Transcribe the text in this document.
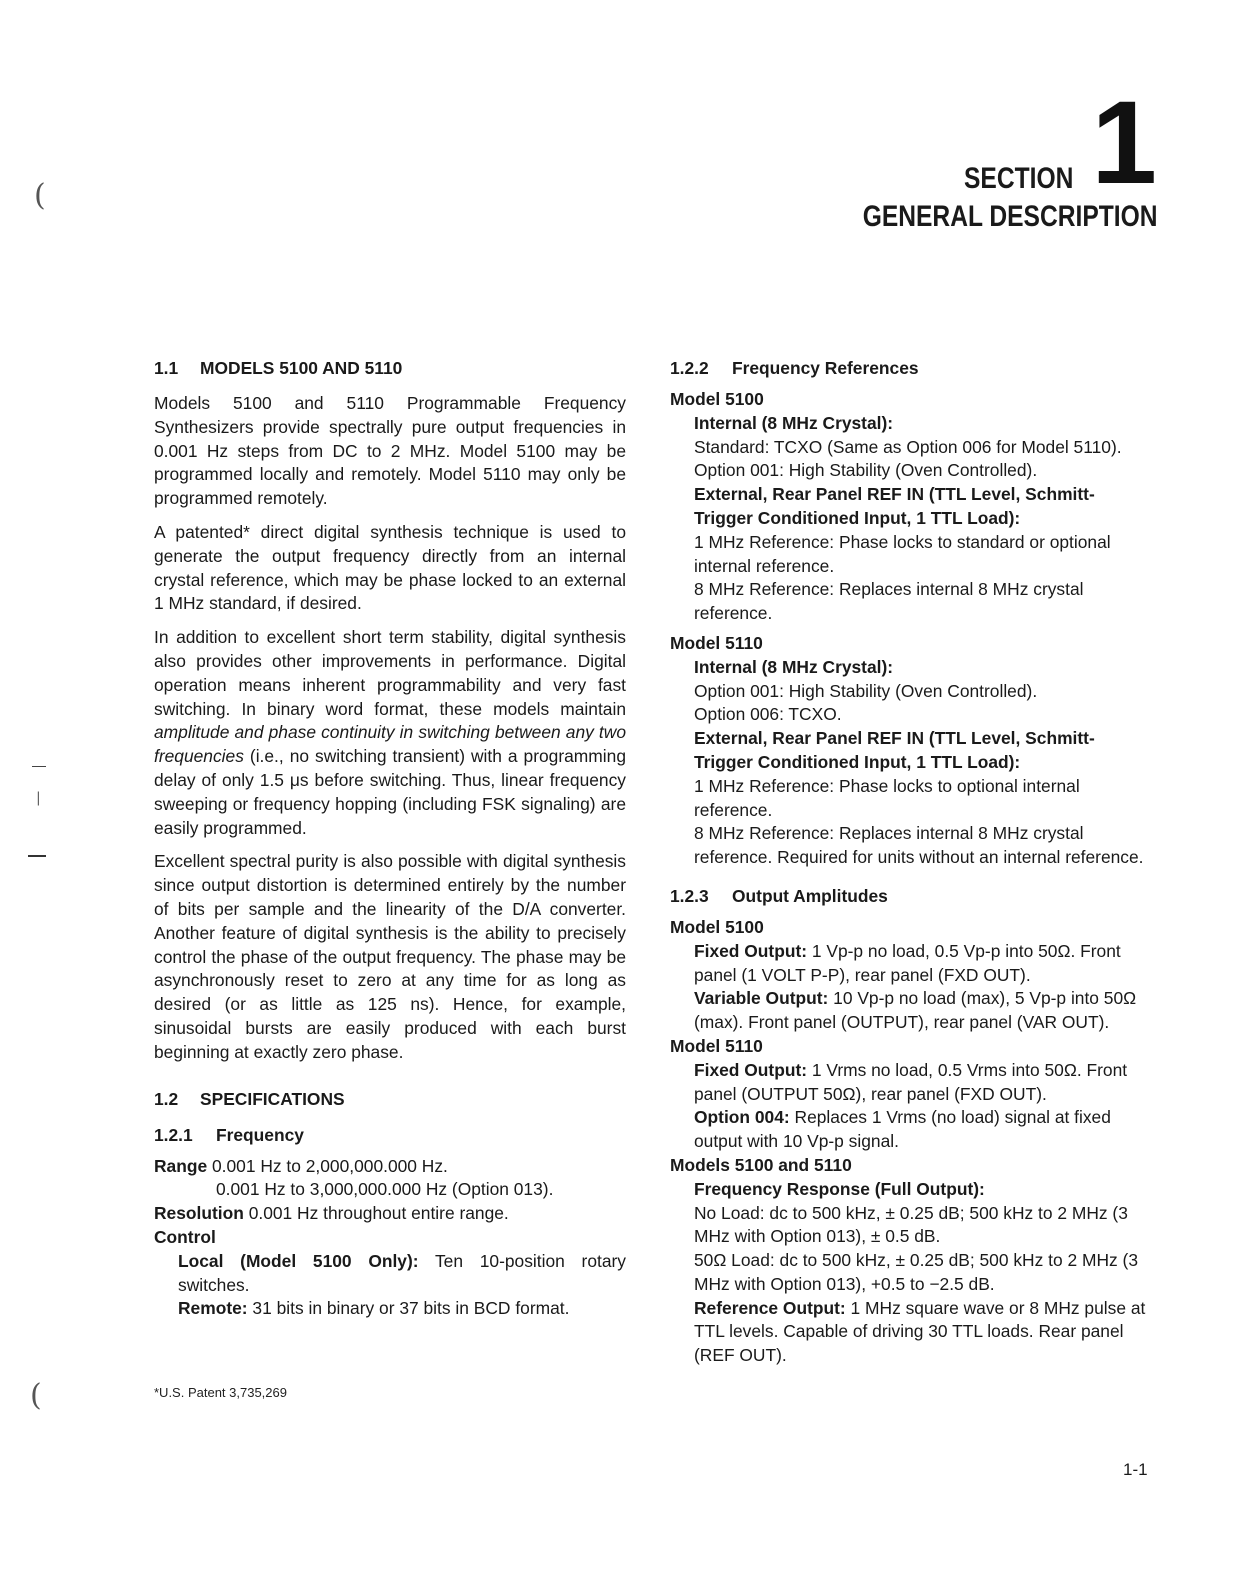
(
(
|
1
SECTION
GENERAL DESCRIPTION
1.1 MODELS 5100 AND 5110

Models 5100 and 5110 Programmable Frequency Synthesizers provide spectrally pure output frequencies in 0.001 Hz steps from DC to 2 MHz. Model 5100 may be programmed locally and remotely. Model 5110 may only be programmed remotely.

A patented* direct digital synthesis technique is used to generate the output frequency directly from an internal crystal reference, which may be phase locked to an external 1 MHz standard, if desired.

In addition to excellent short term stability, digital synthesis also provides other improvements in performance. Digital operation means inherent programmability and very fast switching. In binary word format, these models maintain amplitude and phase continuity in switching between any two frequencies (i.e., no switching transient) with a programming delay of only 1.5 μs before switching. Thus, linear frequency sweeping or frequency hopping (including FSK signaling) are easily programmed.

Excellent spectral purity is also possible with digital synthesis since output distortion is determined entirely by the number of bits per sample and the linearity of the D/A converter. Another feature of digital synthesis is the ability to precisely control the phase of the output frequency. The phase may be asynchronously reset to zero at any time for as long as desired (or as little as 125 ns). Hence, for example, sinusoidal bursts are easily produced with each burst beginning at exactly zero phase.

1.2 SPECIFICATIONS
1.2.1 Frequency
Range 0.001 Hz to 2,000,000.000 Hz.
0.001 Hz to 3,000,000.000 Hz (Option 013).
Resolution 0.001 Hz throughout entire range.
Control
Local (Model 5100 Only): Ten 10-position rotary switches.
Remote: 31 bits in binary or 37 bits in BCD format.
1.2.2 Frequency References
Model 5100
Internal (8 MHz Crystal):
Standard: TCXO (Same as Option 006 for Model 5110).
Option 001: High Stability (Oven Controlled).
External, Rear Panel REF IN (TTL Level, Schmitt-Trigger Conditioned Input, 1 TTL Load):
1 MHz Reference: Phase locks to standard or optional internal reference.
8 MHz Reference: Replaces internal 8 MHz crystal reference.
Model 5110
Internal (8 MHz Crystal):
Option 001: High Stability (Oven Controlled).
Option 006: TCXO.
External, Rear Panel REF IN (TTL Level, Schmitt-Trigger Conditioned Input, 1 TTL Load):
1 MHz Reference: Phase locks to optional internal reference.
8 MHz Reference: Replaces internal 8 MHz crystal reference. Required for units without an internal reference.
1.2.3 Output Amplitudes
Model 5100
Fixed Output: 1 Vp-p no load, 0.5 Vp-p into 50Ω. Front panel (1 VOLT P-P), rear panel (FXD OUT).
Variable Output: 10 Vp-p no load (max), 5 Vp-p into 50Ω (max). Front panel (OUTPUT), rear panel (VAR OUT).
Model 5110
Fixed Output: 1 Vrms no load, 0.5 Vrms into 50Ω. Front panel (OUTPUT 50Ω), rear panel (FXD OUT).
Option 004: Replaces 1 Vrms (no load) signal at fixed output with 10 Vp-p signal.
Models 5100 and 5110
Frequency Response (Full Output):
No Load: dc to 500 kHz, ± 0.25 dB; 500 kHz to 2 MHz (3 MHz with Option 013), ± 0.5 dB.
50Ω Load: dc to 500 kHz, ± 0.25 dB; 500 kHz to 2 MHz (3 MHz with Option 013), +0.5 to −2.5 dB.
Reference Output: 1 MHz square wave or 8 MHz pulse at TTL levels. Capable of driving 30 TTL loads. Rear panel (REF OUT).
*U.S. Patent 3,735,269
1-1
